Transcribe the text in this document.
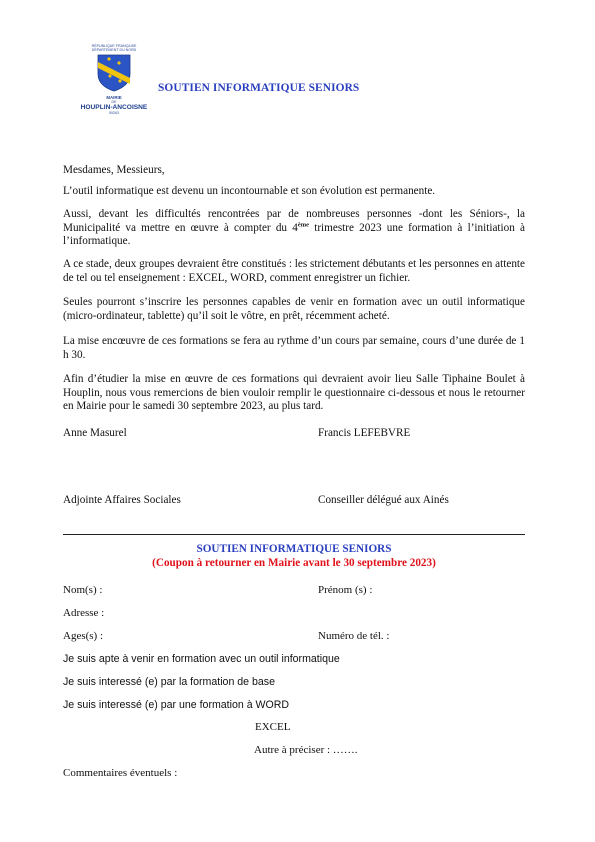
RÉPUBLIQUE FRANÇAISE
DÉPARTEMENT DU NORD
MAIRIE
DE
HOUPLIN-ANCOISNE
59263
SOUTIEN INFORMATIQUE SENIORS
Mesdames, Messieurs,
L’outil informatique est devenu un incontournable et son évolution est permanente.
Aussi, devant les difficultés rencontrées par de nombreuses personnes -dont les Séniors-, la Municipalité va mettre en œuvre à compter du 4ème trimestre 2023 une formation à l’initiation à l’informatique.
A ce stade, deux groupes devraient être constitués : les strictement débutants et les personnes en attente de tel ou tel enseignement : EXCEL, WORD, comment enregistrer un fichier.
Seules pourront s’inscrire les personnes capables de venir en formation avec un outil informatique (micro-ordinateur, tablette) qu’il soit le vôtre, en prêt, récemment acheté.
La mise encœuvre de ces formations se fera au rythme d’un cours par semaine, cours d’une durée de 1 h 30.
Afin d’étudier la mise en œuvre de ces formations qui devraient avoir lieu Salle Tiphaine Boulet à Houplin, nous vous remercions de bien vouloir remplir le questionnaire ci-dessous et nous le retourner en Mairie pour le samedi 30 septembre 2023, au plus tard.
Anne Masurel	Francis LEFEBVRE
Adjointe Affaires Sociales	Conseiller délégué aux Ainés
SOUTIEN INFORMATIQUE SENIORS
(Coupon à retourner en Mairie avant le 30 septembre 2023)
Nom(s) :	Prénom (s) :
Adresse :
Ages(s) :	Numéro de tél. :
Je suis apte à venir en formation avec un outil informatique
Je suis interessé (e) par la formation de base
Je suis interessé (e) par une formation à WORD
EXCEL
Autre à préciser : …….
Commentaires éventuels :
